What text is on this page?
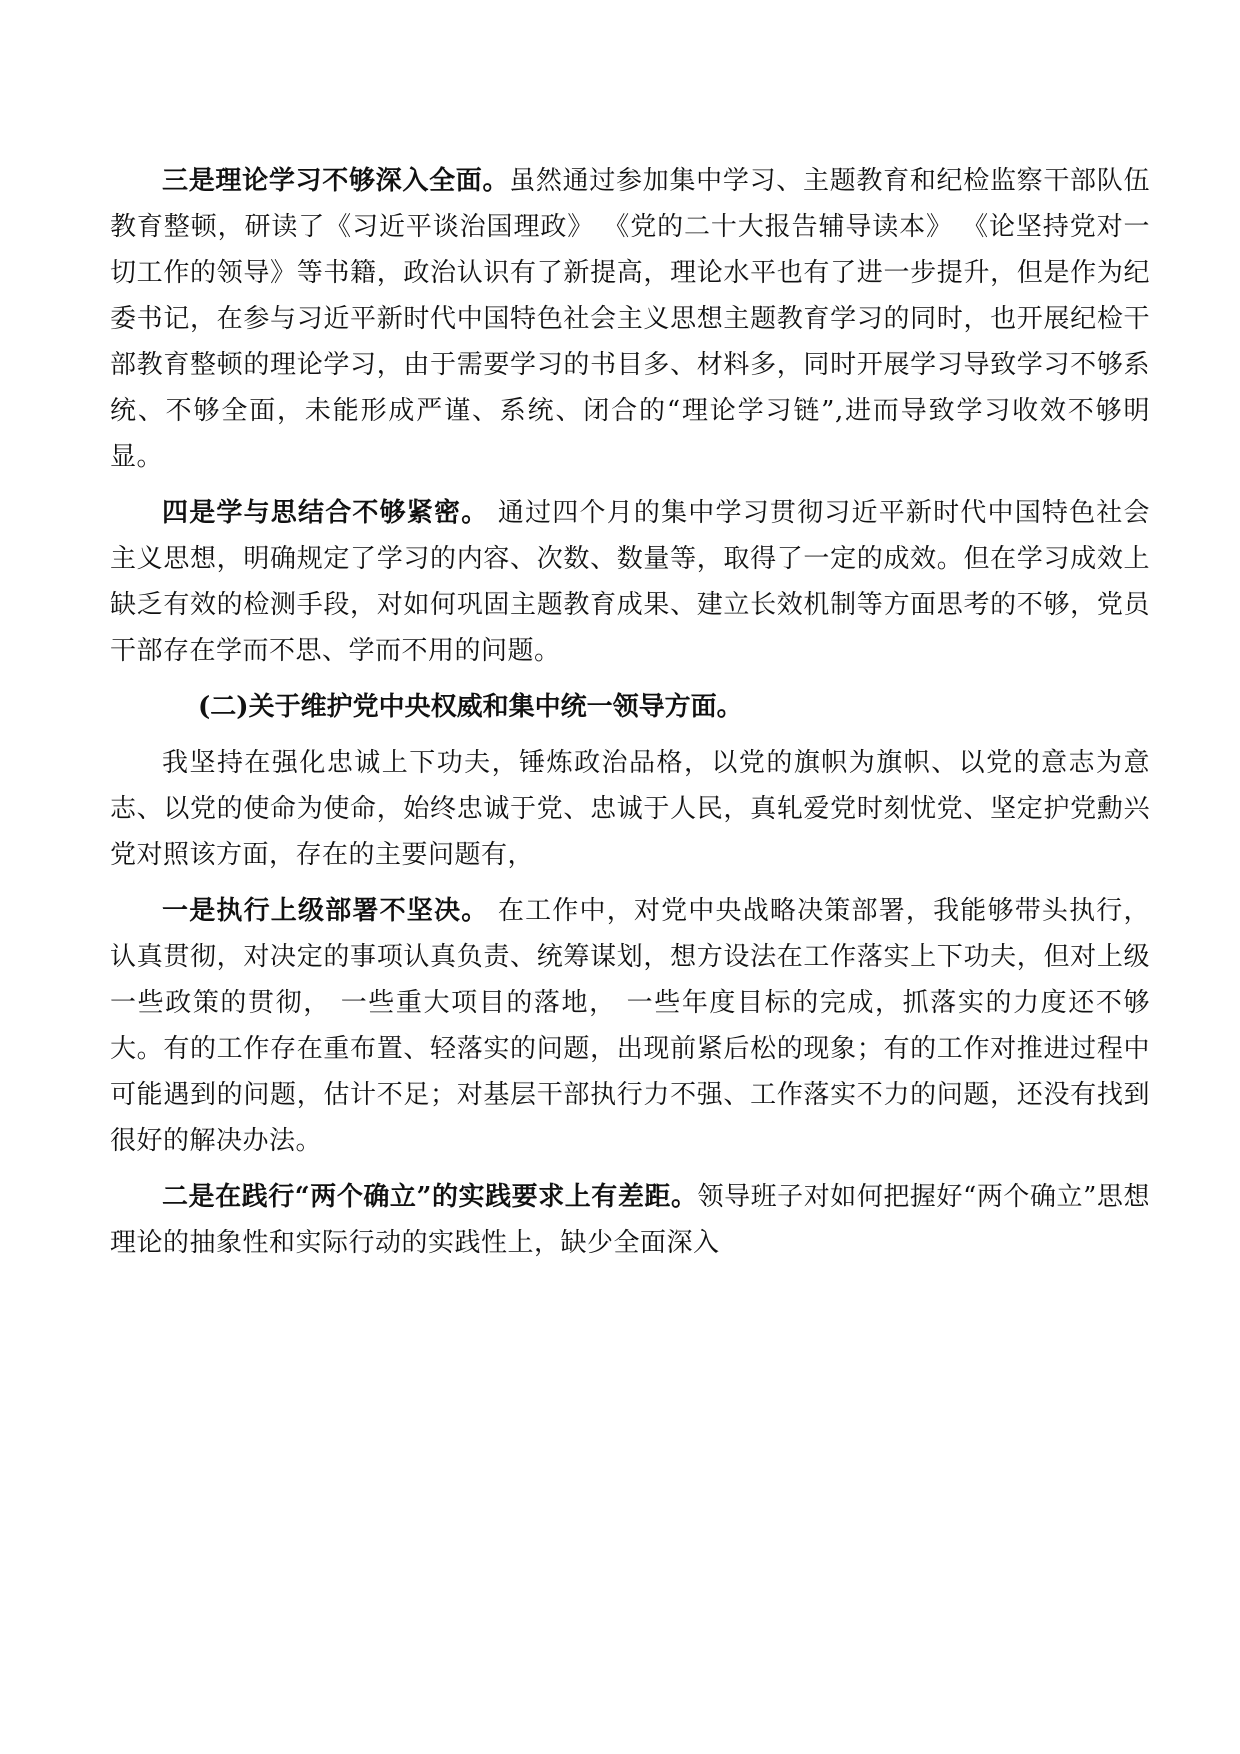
三是理论学习不够深入全面。虽然通过参加集中学习、主题教育和纪检监察干部队伍教育整顿，研读了《习近平谈治国理政》 《党的二十大报告辅导读本》 《论坚持党对一切工作的领导》等书籍，政治认识有了新提高，理论水平也有了进一步提升，但是作为纪委书记，在参与习近平新时代中国特色社会主义思想主题教育学习的同时，也开展纪检干部教育整顿的理论学习，由于需要学习的书目多、材料多，同时开展学习导致学习不够系统、不够全面，未能形成严谨、系统、闭合的“理论学习链”,进而导致学习收效不够明显。

四是学与思结合不够紧密。 通过四个月的集中学习贯彻习近平新时代中国特色社会主义思想，明确规定了学习的内容、次数、数量等，取得了一定的成效。但在学习成效上缺乏有效的检测手段，对如何巩固主题教育成果、建立长效机制等方面思考的不够，党员干部存在学而不思、学而不用的问题。

(二)关于维护党中央权威和集中统一领导方面。

我坚持在强化忠诚上下功夫，锤炼政治品格，以党的旗帜为旗帜、以党的意志为意志、以党的使命为使命，始终忠诚于党、忠诚于人民，真轧爱党时刻忧党、坚定护党勳兴党对照该方面，存在的主要问题有，

一是执行上级部署不坚决。 在工作中，对党中央战略决策部署，我能够带头执行，认真贯彻，对决定的事项认真负责、统筹谋划，想方设法在工作落实上下功夫，但对上级一些政策的贯彻， 一些重大项目的落地， 一些年度目标的完成，抓落实的力度还不够大。有的工作存在重布置、轻落实的问题，出现前紧后松的现象；有的工作对推进过程中可能遇到的问题，估计不足；对基层干部执行力不强、工作落实不力的问题，还没有找到很好的解决办法。

二是在践行“两个确立”的实践要求上有差距。领导班子对如何把握好“两个确立”思想理论的抽象性和实际行动的实践性上，缺少全面深入
